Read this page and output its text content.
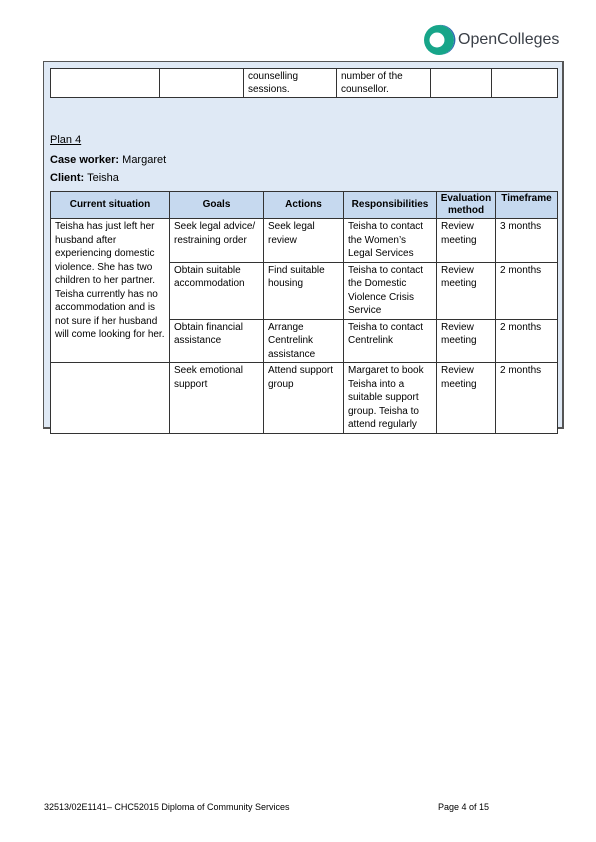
OpenColleges
		counselling sessions.	number of the counsellor.		
Plan 4
Case worker: Margaret
Client: Teisha
Current situation	Goals	Actions	Responsibilities	Evaluation method	Timeframe
Teisha has just left her husband after experiencing domestic violence. She has two children to her partner. Teisha currently has no accommodation and is not sure if her husband will come looking for her.	Seek legal advice/ restraining order	Seek legal review	Teisha to contact the Women’s Legal Services	Review meeting	3 months
	Obtain suitable accommodation	Find suitable housing	Teisha to contact the Domestic Violence Crisis Service	Review meeting	2 months
	Obtain financial assistance	Arrange Centrelink assistance	Teisha to contact Centrelink	Review meeting	2 months
	Seek emotional support	Attend support group	Margaret to book Teisha into a suitable support group. Teisha to attend regularly	Review meeting	2 months
32513/02E1141– CHC52015 Diploma of Community Services	Page 4 of 15
